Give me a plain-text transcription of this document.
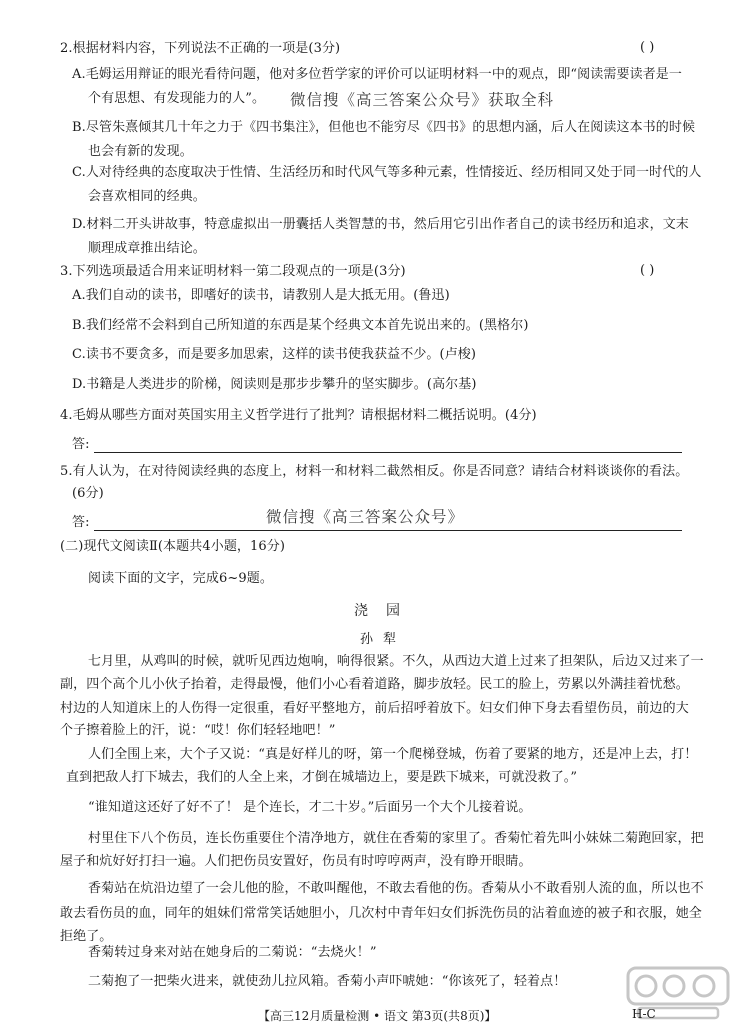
2.根据材料内容，下列说法不正确的一项是(3分)	( )
A.毛姆运用辩证的眼光看待问题，他对多位哲学家的评价可以证明材料一中的观点，即“阅读需要读者是一
个有思想、有发现能力的人”。 微信搜《高三答案公众号》获取全科
B.尽管朱熹倾其几十年之力于《四书集注》，但他也不能穷尽《四书》的思想内涵，后人在阅读这本书的时候
也会有新的发现。
C.人对待经典的态度取决于性情、生活经历和时代风气等多种元素，性情接近、经历相同又处于同一时代的人
会喜欢相同的经典。
D.材料二开头讲故事，特意虚拟出一册囊括人类智慧的书，然后用它引出作者自己的读书经历和追求，文末
顺理成章推出结论。
3.下列选项最适合用来证明材料一第二段观点的一项是(3分)	( )
A.我们自动的读书，即嗜好的读书，请教别人是大抵无用。(鲁迅)
B.我们经常不会料到自己所知道的东西是某个经典文本首先说出来的。(黑格尔)
C.读书不要贪多，而是要多加思索，这样的读书使我获益不少。(卢梭)
D.书籍是人类进步的阶梯，阅读则是那步步攀升的坚实脚步。(高尔基)
4.毛姆从哪些方面对英国实用主义哲学进行了批判？请根据材料二概括说明。(4分)
答:
5.有人认为，在对待阅读经典的态度上，材料一和材料二截然相反。你是否同意？请结合材料谈谈你的看法。
(6分)
答:	微信搜《高三答案公众号》
(二)现代文阅读Ⅱ(本题共4小题，16分)
阅读下面的文字，完成6~9题。
浇园
孙犁
七月里，从鸡叫的时候，就听见西边炮响，响得很紧。不久，从西边大道上过来了担架队，后边又过来了一
副，四个高个儿小伙子抬着，走得最慢，他们小心看着道路，脚步放轻。民工的脸上，劳累以外满挂着忧愁。
村边的人知道床上的人伤得一定很重，看好平整地方，前后招呼着放下。妇女们伸下身去看望伤员，前边的大
个子擦着脸上的汗，说：“哎！你们轻轻地吧！”
人们全围上来，大个子又说：“真是好样儿的呀，第一个爬梯登城，伤着了要紧的地方，还是冲上去，打！
直到把敌人打下城去，我们的人全上来，才倒在城墙边上，要是跌下城来，可就没救了。”
“谁知道这还好了好不了！ 是个连长，才二十岁。”后面另一个大个儿接着说。
村里住下八个伤员，连长伤重要住个清净地方，就住在香菊的家里了。香菊忙着先叫小妹妹二菊跑回家，把
屋子和炕好好打扫一遍。人们把伤员安置好，伤员有时哼哼两声，没有睁开眼睛。
香菊站在炕沿边望了一会儿他的脸，不敢叫醒他，不敢去看他的伤。香菊从小不敢看别人流的血，所以也不
敢去看伤员的血，同年的姐妹们常常笑话她胆小，几次村中青年妇女们拆洗伤员的沾着血迹的被子和衣服，她全
拒绝了。
香菊转过身来对站在她身后的二菊说：“去烧火！”
二菊抱了一把柴火进来，就使劲儿拉风箱。香菊小声吓唬她：“你该死了，轻着点！
【高三12月质量检测 • 语文 第3页(共8页)】	H-C
